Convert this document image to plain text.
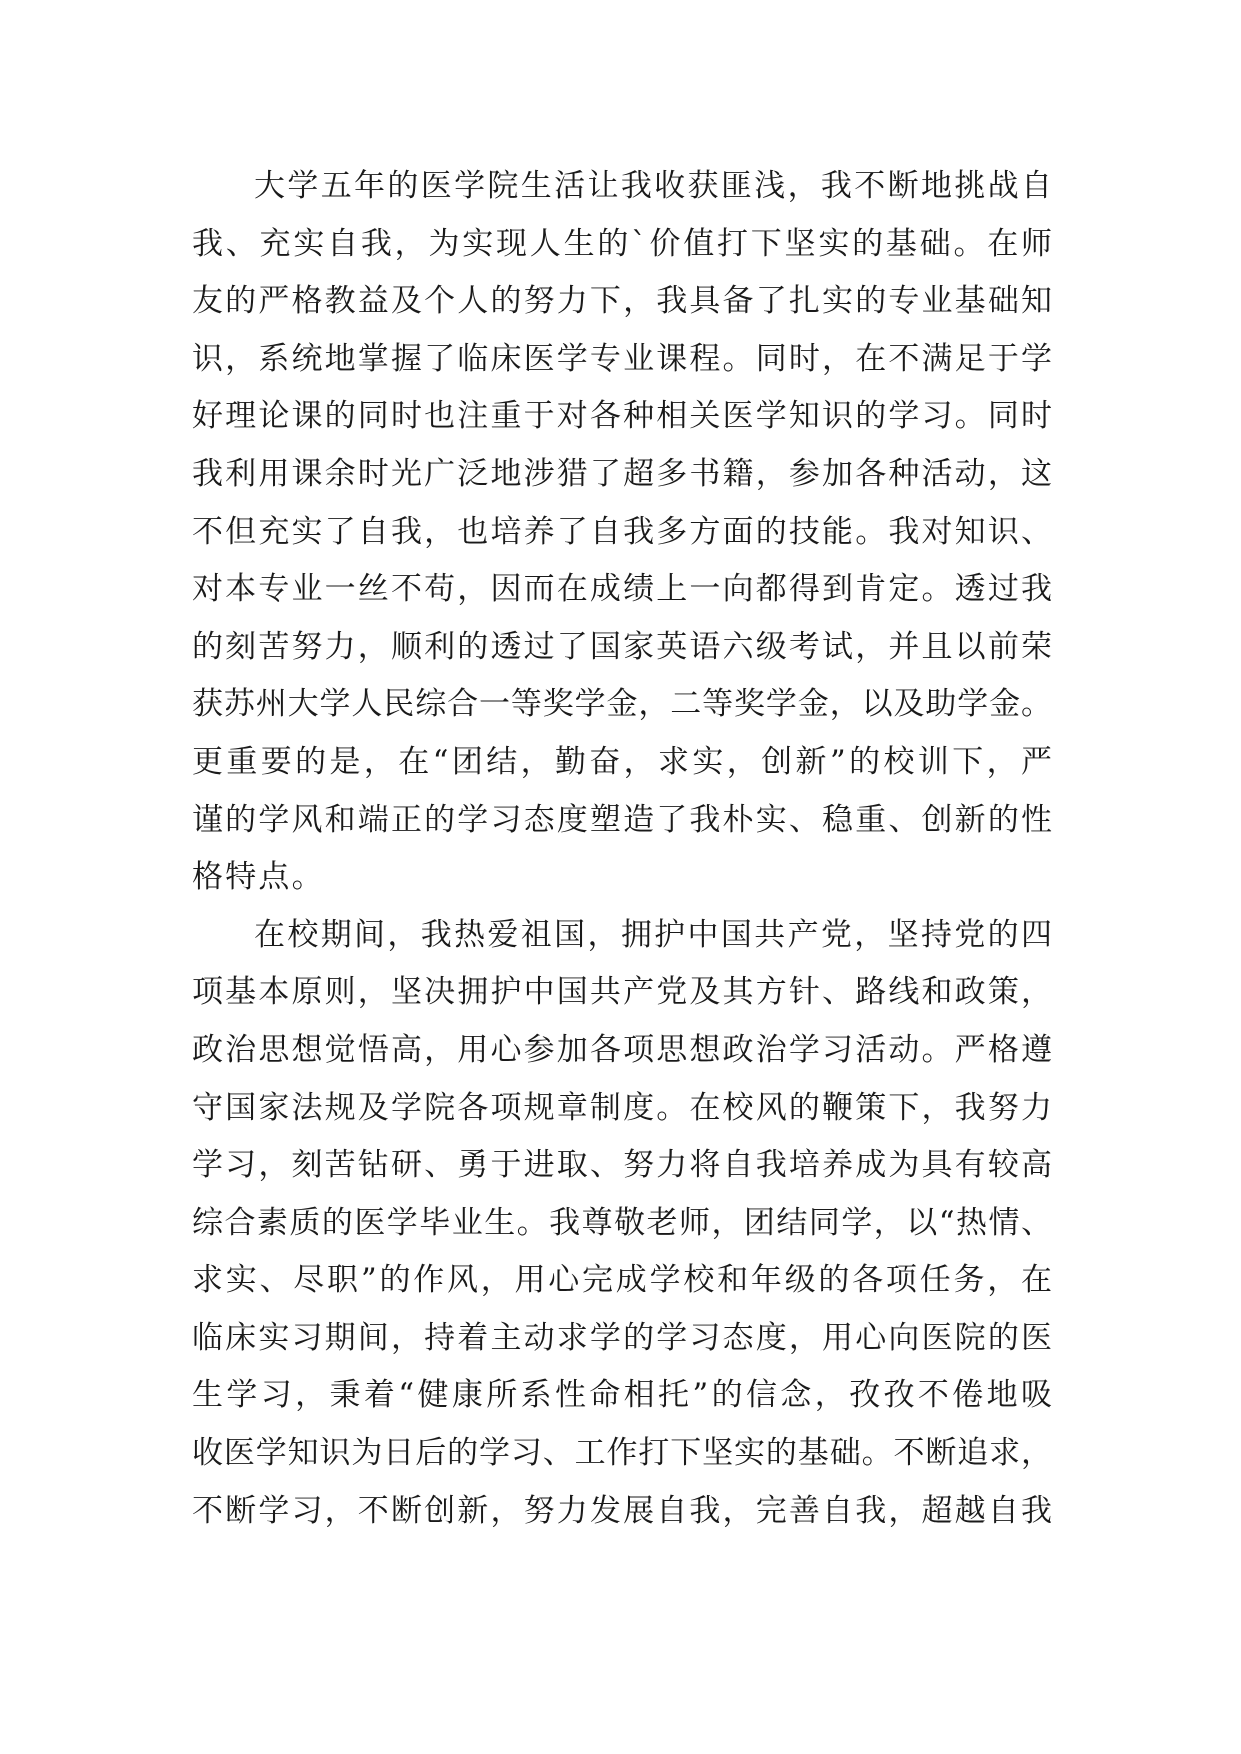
大学五年的医学院生活让我收获匪浅，我不断地挑战自
我、充实自我，为实现人生的`价值打下坚实的基础。在师
友的严格教益及个人的努力下，我具备了扎实的专业基础知
识，系统地掌握了临床医学专业课程。同时，在不满足于学
好理论课的同时也注重于对各种相关医学知识的学习。同时
我利用课余时光广泛地涉猎了超多书籍，参加各种活动，这
不但充实了自我，也培养了自我多方面的技能。我对知识、
对本专业一丝不苟，因而在成绩上一向都得到肯定。透过我
的刻苦努力，顺利的透过了国家英语六级考试，并且以前荣
获苏州大学人民综合一等奖学金，二等奖学金，以及助学金。
更重要的是，在“团结，勤奋，求实，创新”的校训下，严
谨的学风和端正的学习态度塑造了我朴实、稳重、创新的性
格特点。
在校期间，我热爱祖国，拥护中国共产党，坚持党的四
项基本原则，坚决拥护中国共产党及其方针、路线和政策，
政治思想觉悟高，用心参加各项思想政治学习活动。严格遵
守国家法规及学院各项规章制度。在校风的鞭策下，我努力
学习，刻苦钻研、勇于进取、努力将自我培养成为具有较高
综合素质的医学毕业生。我尊敬老师，团结同学，以“热情、
求实、尽职”的作风，用心完成学校和年级的各项任务，在
临床实习期间，持着主动求学的学习态度，用心向医院的医
生学习，秉着“健康所系性命相托”的信念，孜孜不倦地吸
收医学知识为日后的学习、工作打下坚实的基础。不断追求，
不断学习，不断创新，努力发展自我，完善自我，超越自我
